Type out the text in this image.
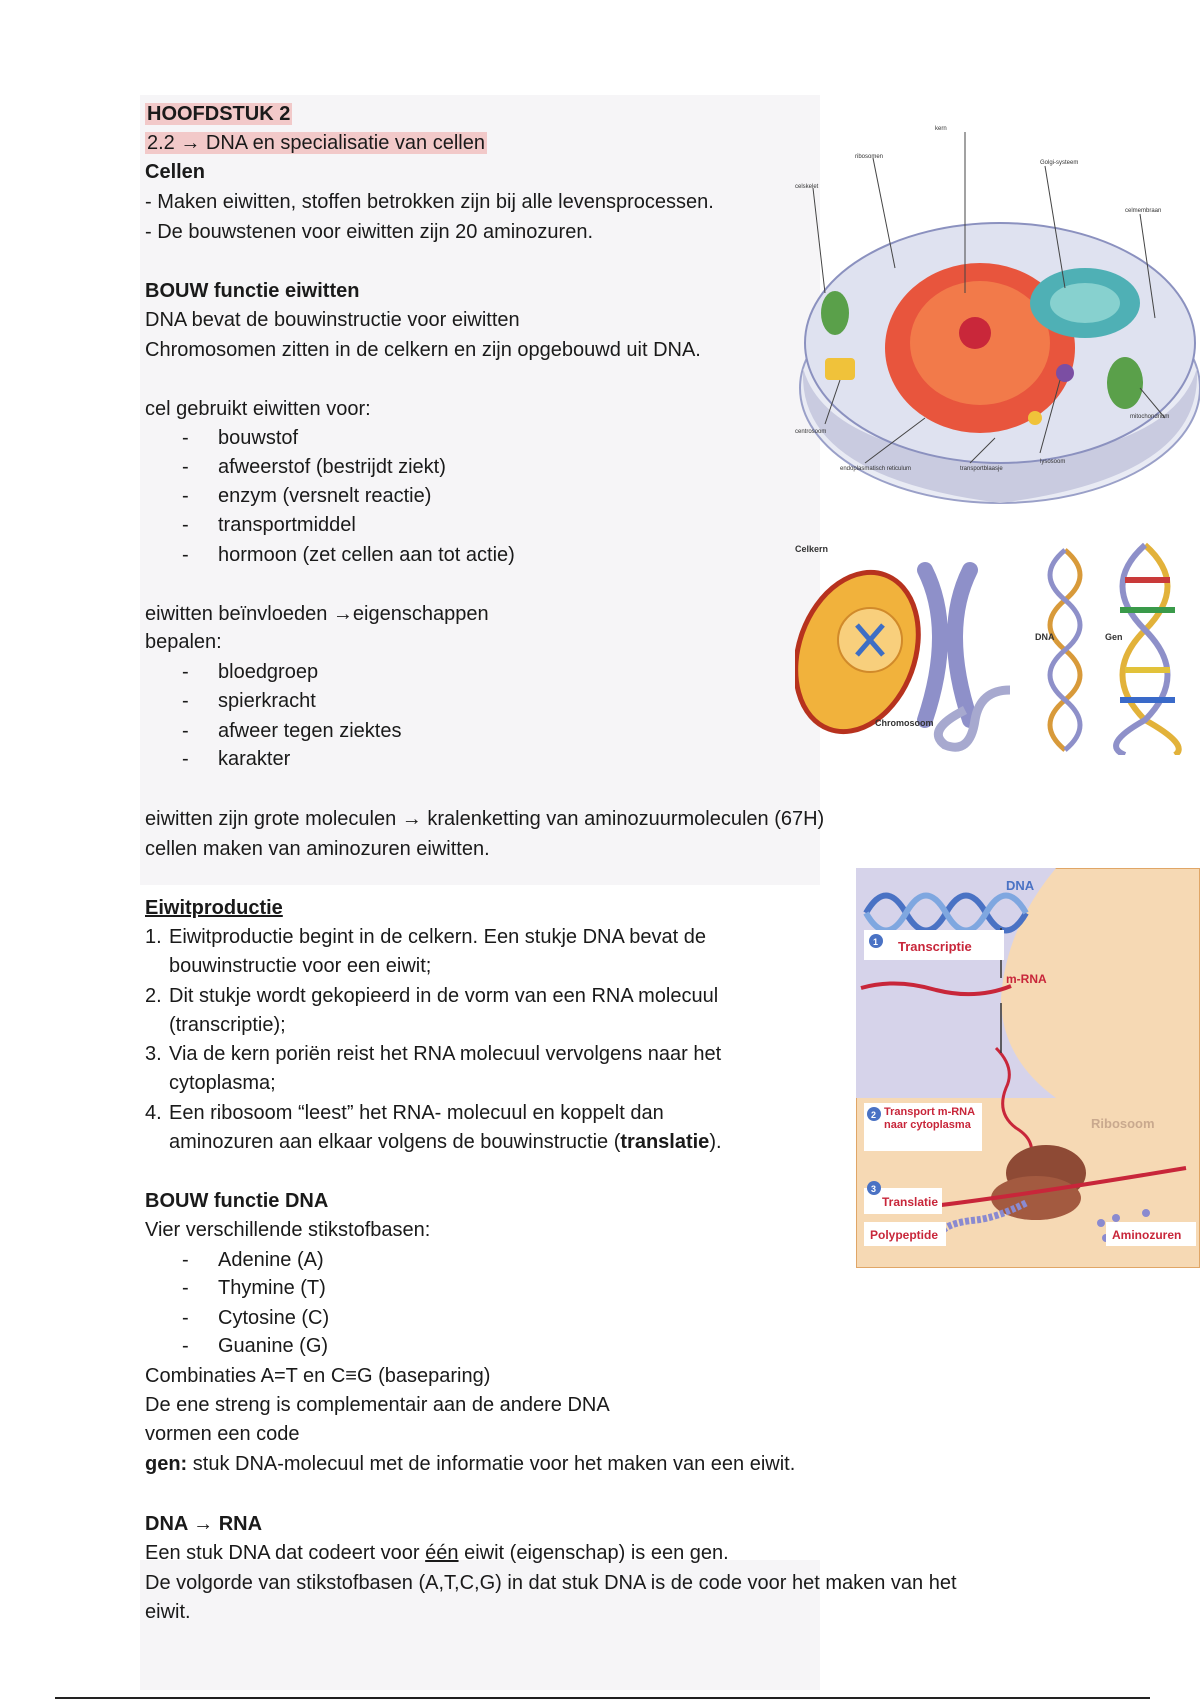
HOOFDSTUK 2
2.2 → DNA en specialisatie van cellen
Cellen
- Maken eiwitten, stoffen betrokken zijn bij alle levensprocessen.
- De bouwstenen voor eiwitten zijn 20 aminozuren.
BOUW functie eiwitten
DNA bevat de bouwinstructie voor eiwitten
Chromosomen zitten in de celkern en zijn opgebouwd uit DNA.
cel gebruikt eiwitten voor:
- bouwstof
- afweerstof (bestrijdt ziekt)
- enzym (versnelt reactie)
- transportmiddel
- hormoon (zet cellen aan tot actie)
eiwitten beïnvloeden →eigenschappen
bepalen:
- bloedgroep
- spierkracht
- afweer tegen ziektes
- karakter
eiwitten zijn grote moleculen → kralenketting van aminozuurmoleculen (67H)
cellen maken van aminozuren eiwitten.
Eiwitproductie
1. Eiwitproductie begint in de celkern. Een stukje DNA bevat de
bouwinstructie voor een eiwit;
2. Dit stukje wordt gekopieerd in de vorm van een RNA molecuul
(transcriptie);
3. Via de kern poriën reist het RNA molecuul vervolgens naar het
cytoplasma;
4. Een ribosoom “leest” het RNA- molecuul en koppelt dan
aminozuren aan elkaar volgens de bouwinstructie (translatie).
BOUW functie DNA
Vier verschillende stikstofbasen:
- Adenine (A)
- Thymine (T)
- Cytosine (C)
- Guanine (G)
Combinaties A=T en C≡G (baseparing)
De ene streng is complementair aan de andere DNA
vormen een code
gen: stuk DNA-molecuul met de informatie voor het maken van een eiwit.
DNA → RNA
Een stuk DNA dat codeert voor één eiwit (eigenschap) is een gen.
De volgorde van stikstofbasen (A,T,C,G) in dat stuk DNA is de code voor het maken van het
eiwit.
kern
ribosomen
Golgi-systeem
celskelet
celmembraan
mitochondrium
centrosoom
endoplasmatisch reticulum	transportblaasje
lysosoom
Celkern
DNA	Gen
Chromosoom
1 Transcriptie
DNA
m-RNA
2 Transport m-RNA naar cytoplasma	Ribosoom
3
Translatie
Polypeptide	Aminozuren
